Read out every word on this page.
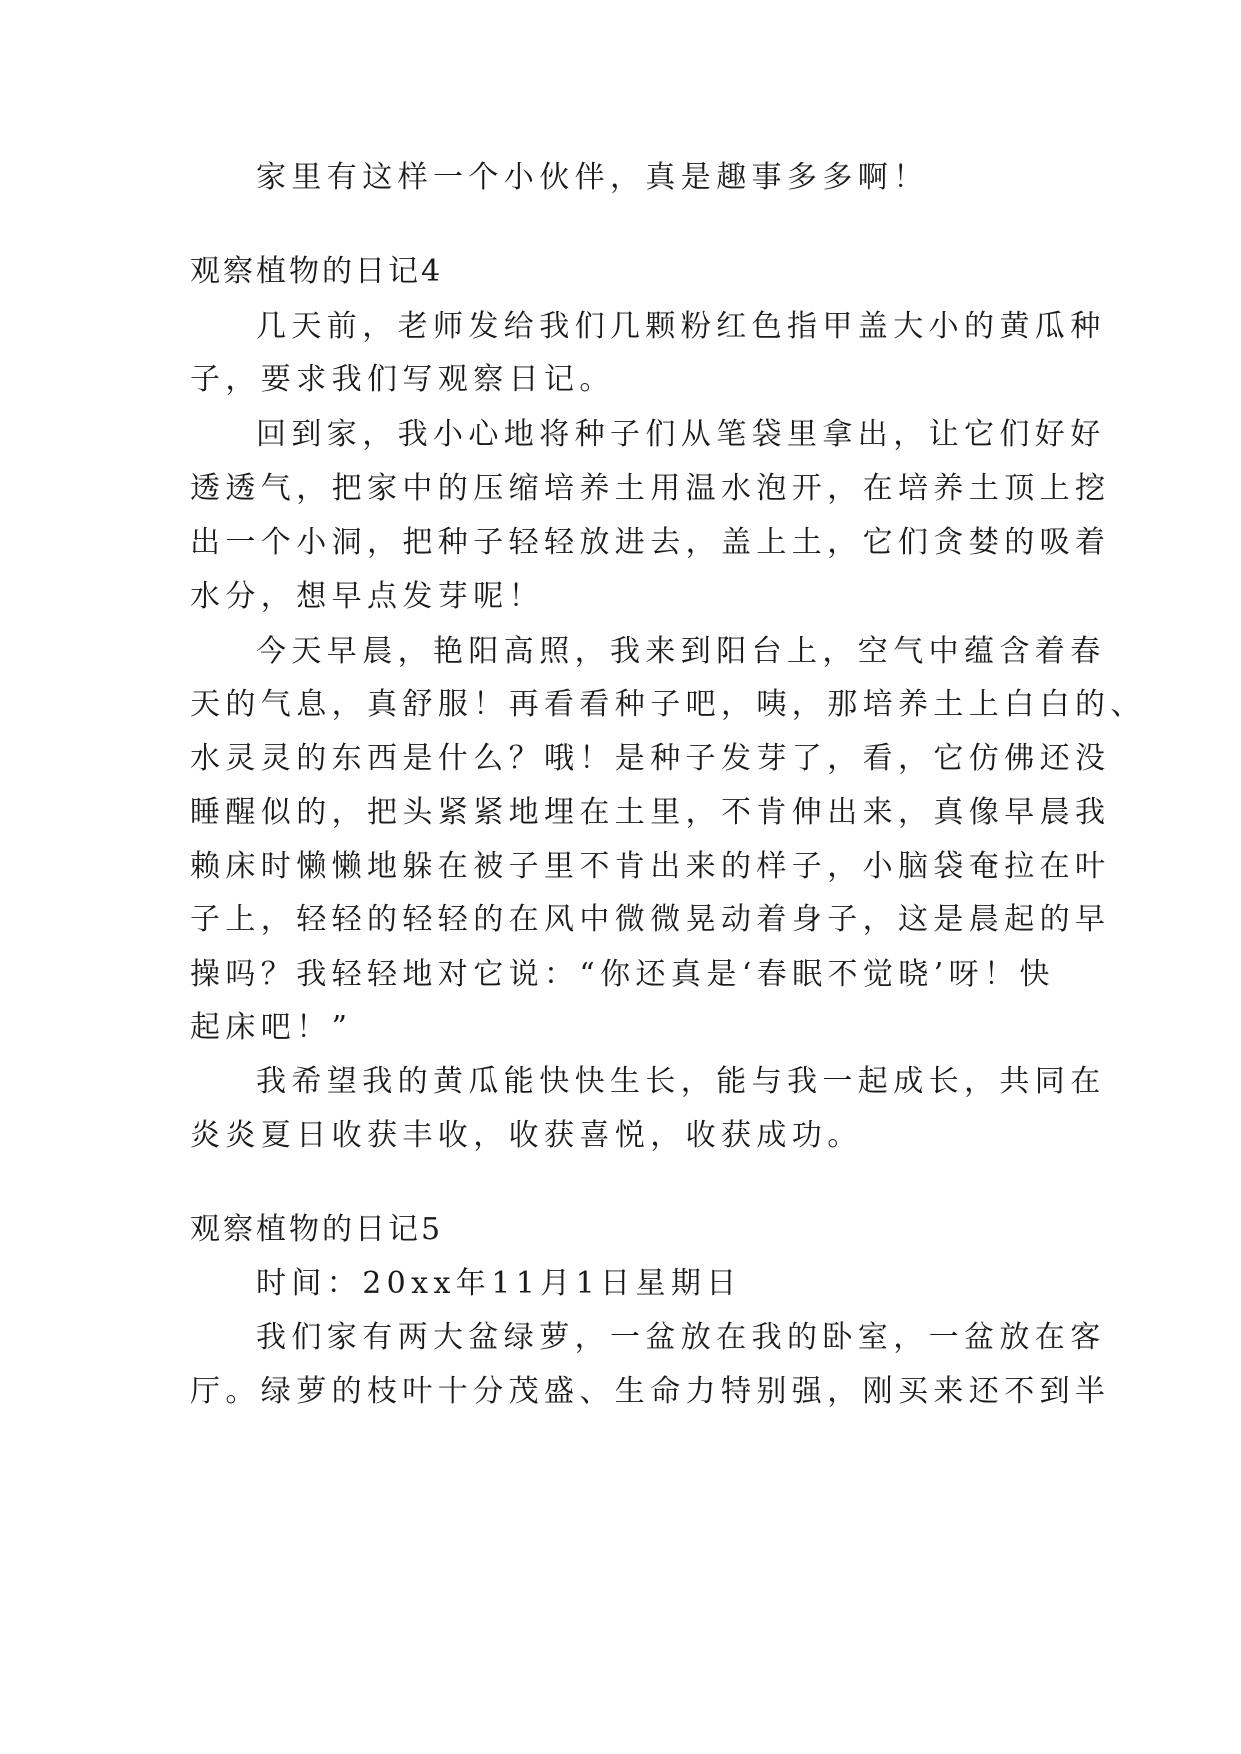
家里有这样一个小伙伴，真是趣事多多啊！
观察植物的日记4
几天前，老师发给我们几颗粉红色指甲盖大小的黄瓜种
子，要求我们写观察日记。
回到家，我小心地将种子们从笔袋里拿出，让它们好好
透透气，把家中的压缩培养土用温水泡开，在培养土顶上挖
出一个小洞，把种子轻轻放进去，盖上土，它们贪婪的吸着
水分，想早点发芽呢！
今天早晨，艳阳高照，我来到阳台上，空气中蕴含着春
天的气息，真舒服！再看看种子吧，咦，那培养土上白白的、
水灵灵的东西是什么？哦！是种子发芽了，看，它仿佛还没
睡醒似的，把头紧紧地埋在土里，不肯伸出来，真像早晨我
赖床时懒懒地躲在被子里不肯出来的样子，小脑袋奄拉在叶
子上，轻轻的轻轻的在风中微微晃动着身子，这是晨起的早
操吗？我轻轻地对它说：“你还真是‘春眠不觉晓’呀！快
起床吧！”
我希望我的黄瓜能快快生长，能与我一起成长，共同在
炎炎夏日收获丰收，收获喜悦，收获成功。
观察植物的日记5
时间：20xx年11月1日星期日
我们家有两大盆绿萝，一盆放在我的卧室，一盆放在客
厅。绿萝的枝叶十分茂盛、生命力特别强，刚买来还不到半
